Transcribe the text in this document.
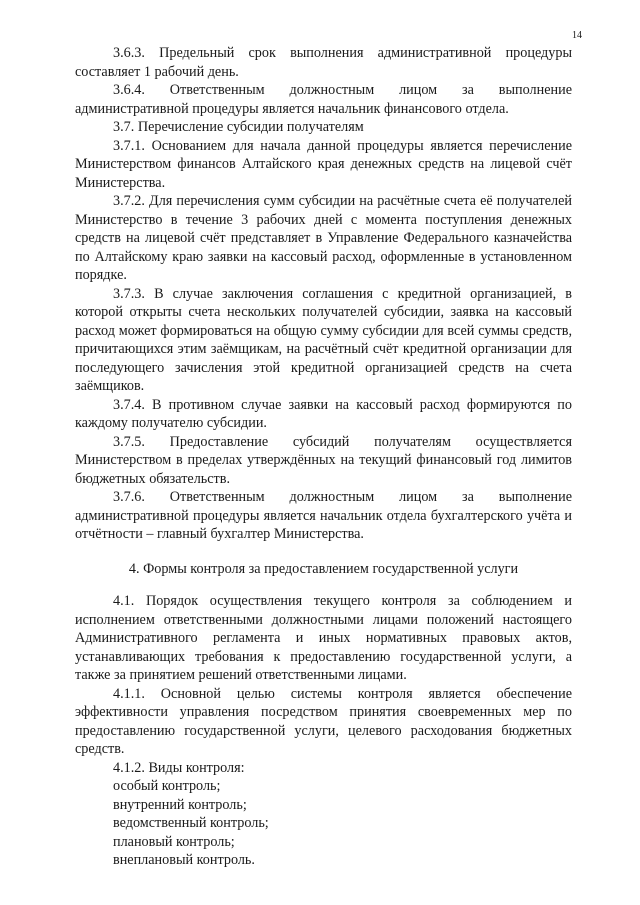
14

3.6.3. Предельный срок выполнения административной процедуры составляет 1 рабочий день.

3.6.4. Ответственным должностным лицом за выполнение административной процедуры является начальник финансового отдела.

3.7. Перечисление субсидии получателям

3.7.1. Основанием для начала данной процедуры является перечисление Министерством финансов Алтайского края денежных средств на лицевой счёт Министерства.

3.7.2. Для перечисления сумм субсидии на расчётные счета её получателей Министерство в течение 3 рабочих дней с момента поступления денежных средств на лицевой счёт представляет в Управление Федерального казначейства по Алтайскому краю заявки на кассовый расход, оформленные в установленном порядке.

3.7.3. В случае заключения соглашения с кредитной организацией, в которой открыты счета нескольких получателей субсидии, заявка на кассовый расход может формироваться на общую сумму субсидии для всей суммы средств, причитающихся этим заёмщикам, на расчётный счёт кредитной организации для последующего зачисления этой кредитной организацией средств на счета заёмщиков.

3.7.4. В противном случае заявки на кассовый расход формируются по каждому получателю субсидии.

3.7.5. Предоставление субсидий получателям осуществляется Министерством в пределах утверждённых на текущий финансовый год лимитов бюджетных обязательств.

3.7.6. Ответственным должностным лицом за выполнение административной процедуры является начальник отдела бухгалтерского учёта и отчётности – главный бухгалтер Министерства.

4. Формы контроля за предоставлением государственной услуги

4.1. Порядок осуществления текущего контроля за соблюдением и исполнением ответственными должностными лицами положений настоящего Административного регламента и иных нормативных правовых актов, устанавливающих требования к предоставлению государственной услуги, а также за принятием решений ответственными лицами.

4.1.1. Основной целью системы контроля является обеспечение эффективности управления посредством принятия своевременных мер по предоставлению государственной услуги, целевого расходования бюджетных средств.

4.1.2. Виды контроля:

особый контроль;

внутренний контроль;

ведомственный контроль;

плановый контроль;

внеплановый контроль.
